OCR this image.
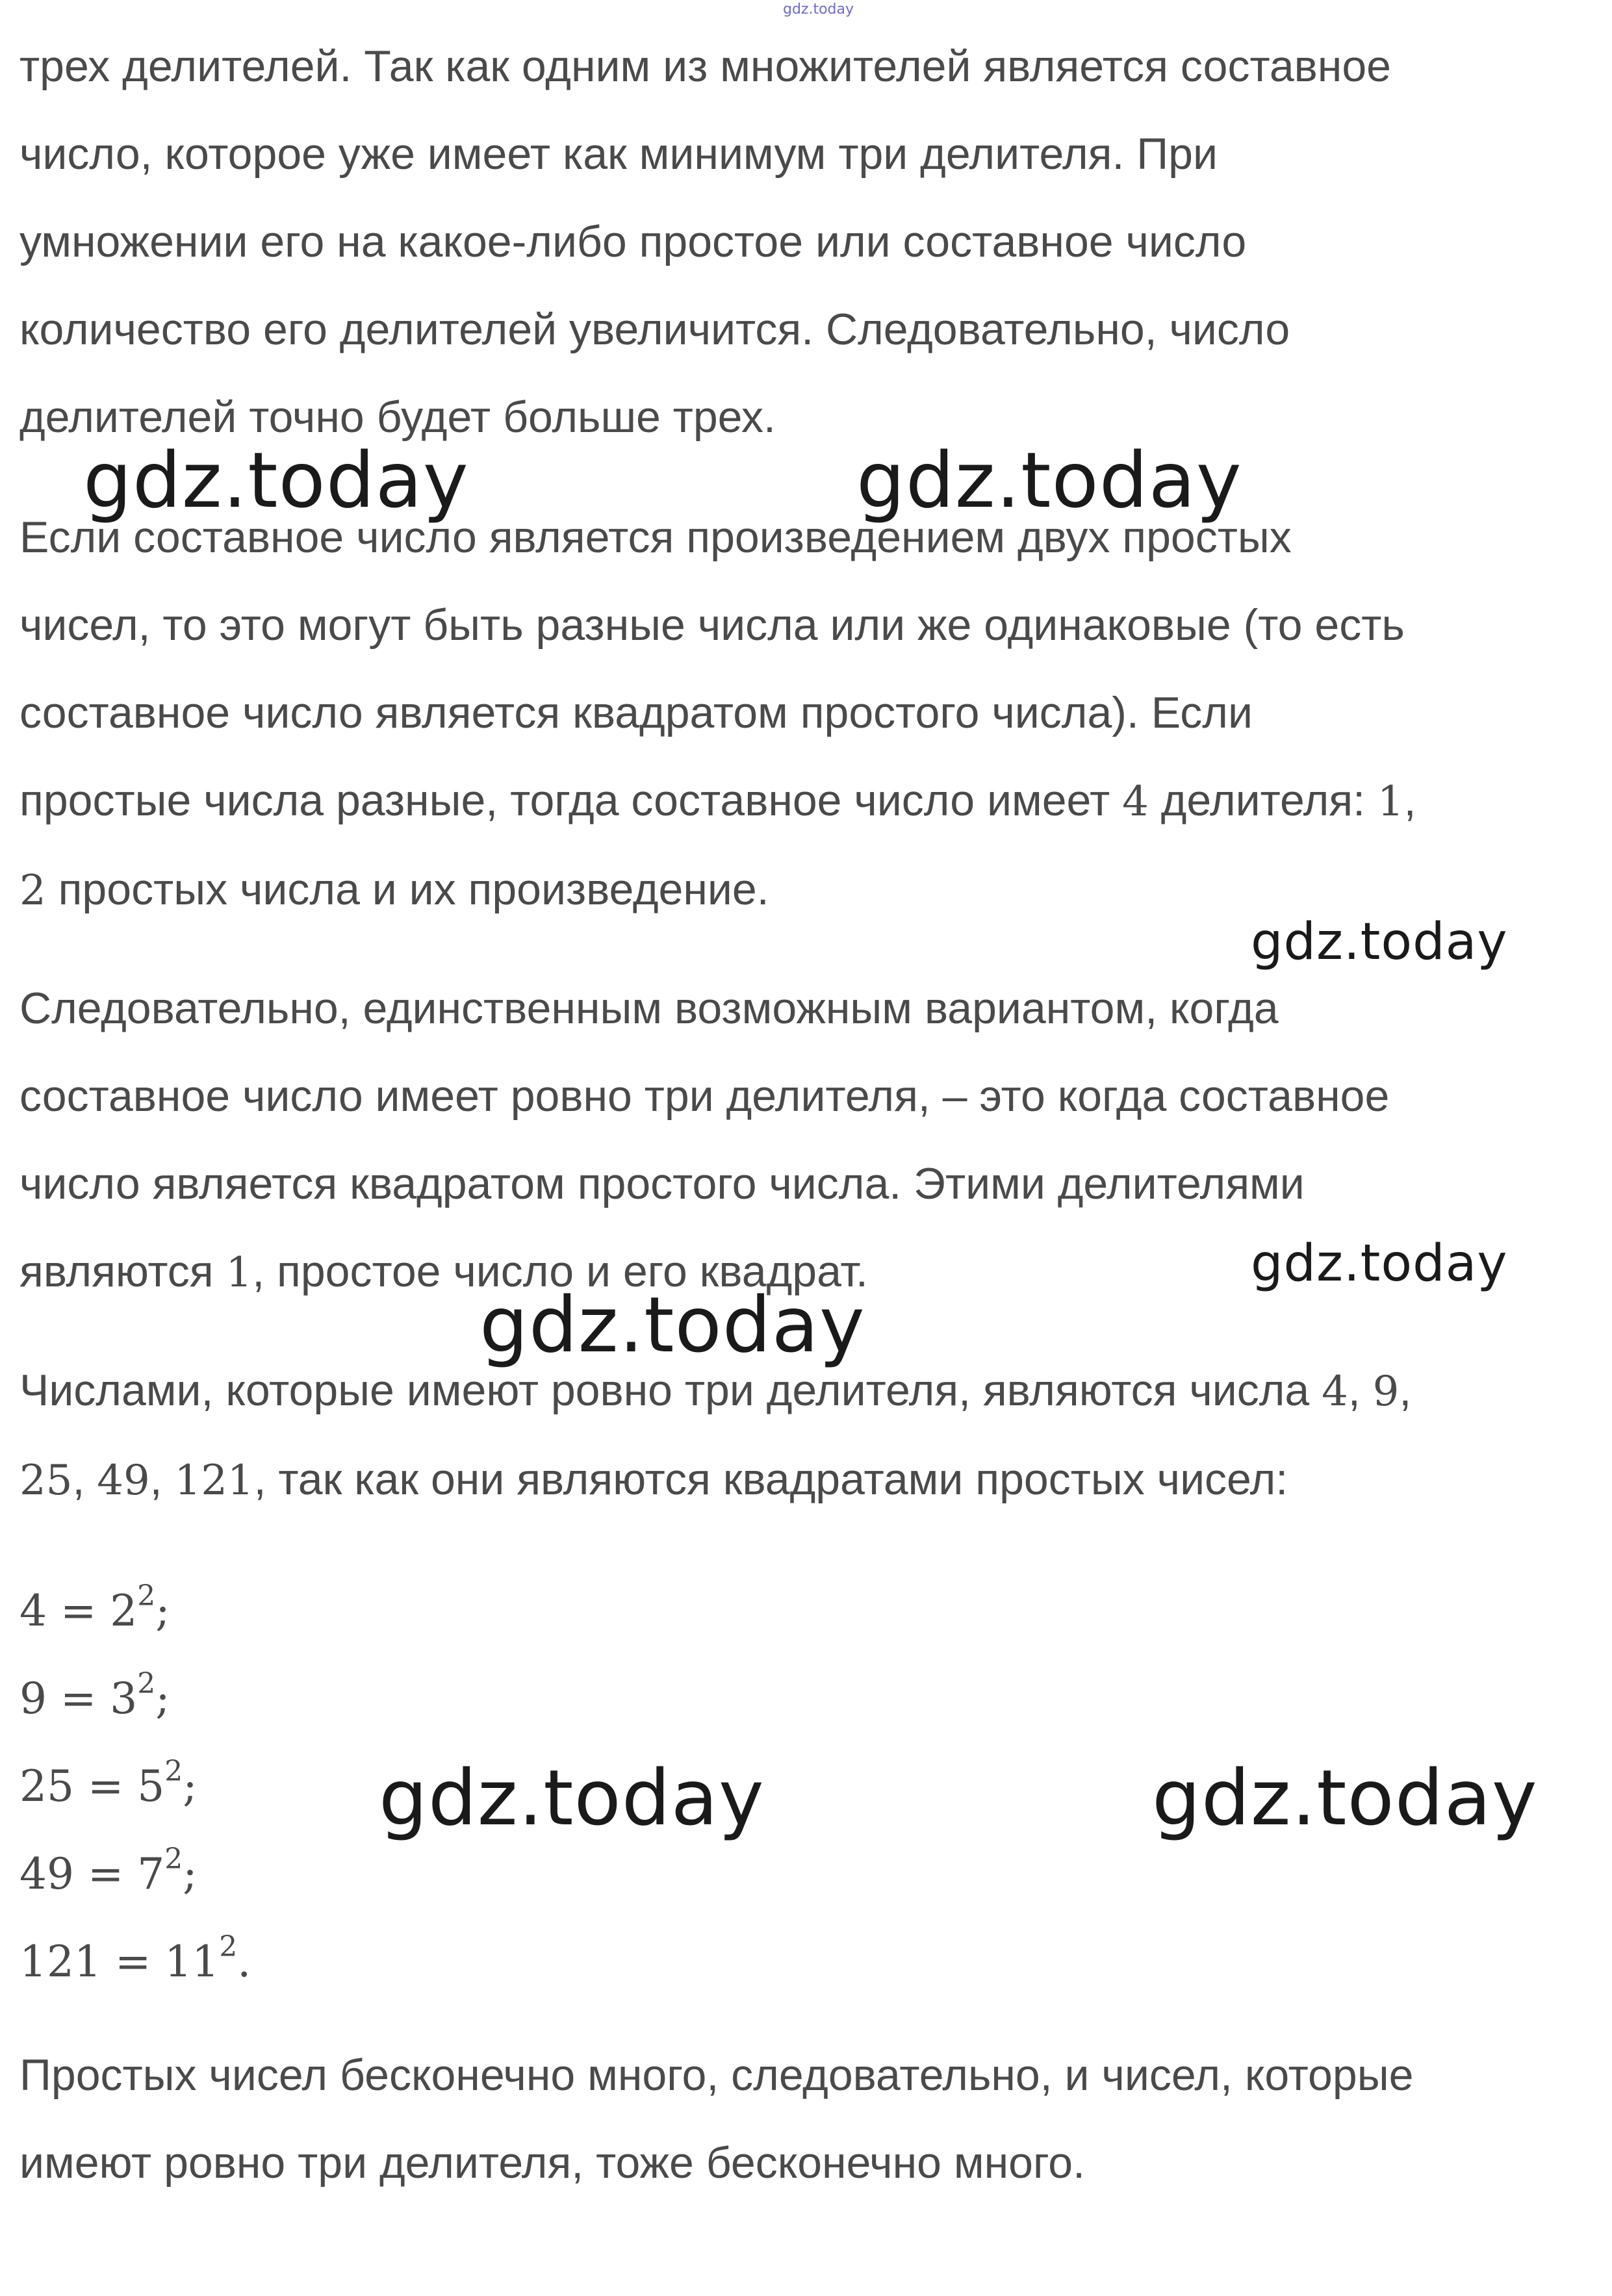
gdz.today

трех делителей. Так как одним из множителей является составное
число, которое уже имеет как минимум три делителя. При
умножении его на какое-либо простое или составное число
количество его делителей увеличится. Следовательно, число
делителей точно будет больше трех.

Если составное число является произведением двух простых
чисел, то это могут быть разные числа или же одинаковые (то есть
составное число является квадратом простого числа). Если
простые числа разные, тогда составное число имеет 4 делителя: 1,
2 простых числа и их произведение.

Следовательно, единственным возможным вариантом, когда
составное число имеет ровно три делителя, – это когда составное
число является квадратом простого числа. Этими делителями
являются 1, простое число и его квадрат.

Числами, которые имеют ровно три делителя, являются числа 4, 9,
25, 49, 121, так как они являются квадратами простых чисел:

$4 = 2^2$;
$9 = 3^2$;
$25 = 5^2$;
$49 = 7^2$;
$121 = 11^2$.

Простых чисел бесконечно много, следовательно, и чисел, которые
имеют ровно три делителя, тоже бесконечно много.

gdz.today	gdz.today
gdz.today
gdz.today
gdz.today
gdz.today	gdz.today
